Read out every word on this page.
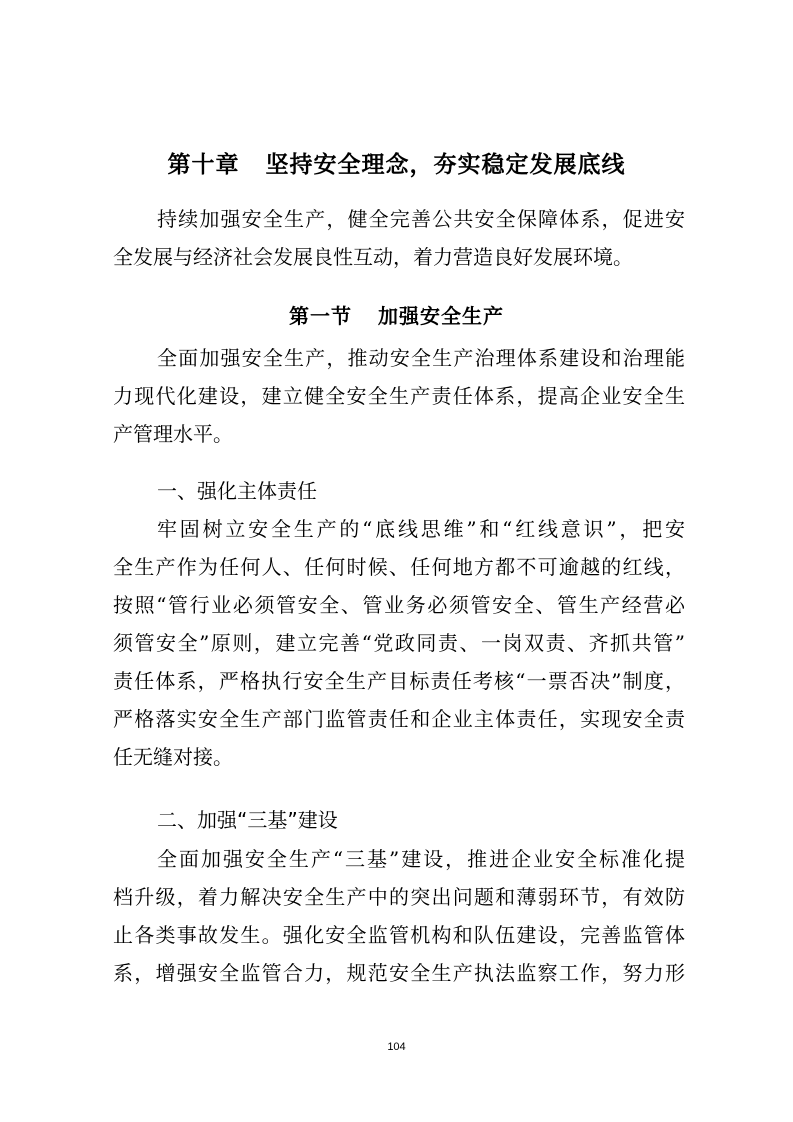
第十章 坚持安全理念，夯实稳定发展底线
持续加强安全生产，健全完善公共安全保障体系，促进安
全发展与经济社会发展良性互动，着力营造良好发展环境。
第一节 加强安全生产
全面加强安全生产，推动安全生产治理体系建设和治理能
力现代化建设，建立健全安全生产责任体系，提高企业安全生
产管理水平。
一、强化主体责任
牢固树立安全生产的“底线思维”和“红线意识”，把安
全生产作为任何人、任何时候、任何地方都不可逾越的红线，
按照“管行业必须管安全、管业务必须管安全、管生产经营必
须管安全”原则，建立完善“党政同责、一岗双责、齐抓共管”
责任体系，严格执行安全生产目标责任考核“一票否决”制度，
严格落实安全生产部门监管责任和企业主体责任，实现安全责
任无缝对接。
二、加强“三基”建设
全面加强安全生产“三基”建设，推进企业安全标准化提
档升级，着力解决安全生产中的突出问题和薄弱环节，有效防
止各类事故发生。强化安全监管机构和队伍建设，完善监管体
系，增强安全监管合力，规范安全生产执法监察工作，努力形
104
